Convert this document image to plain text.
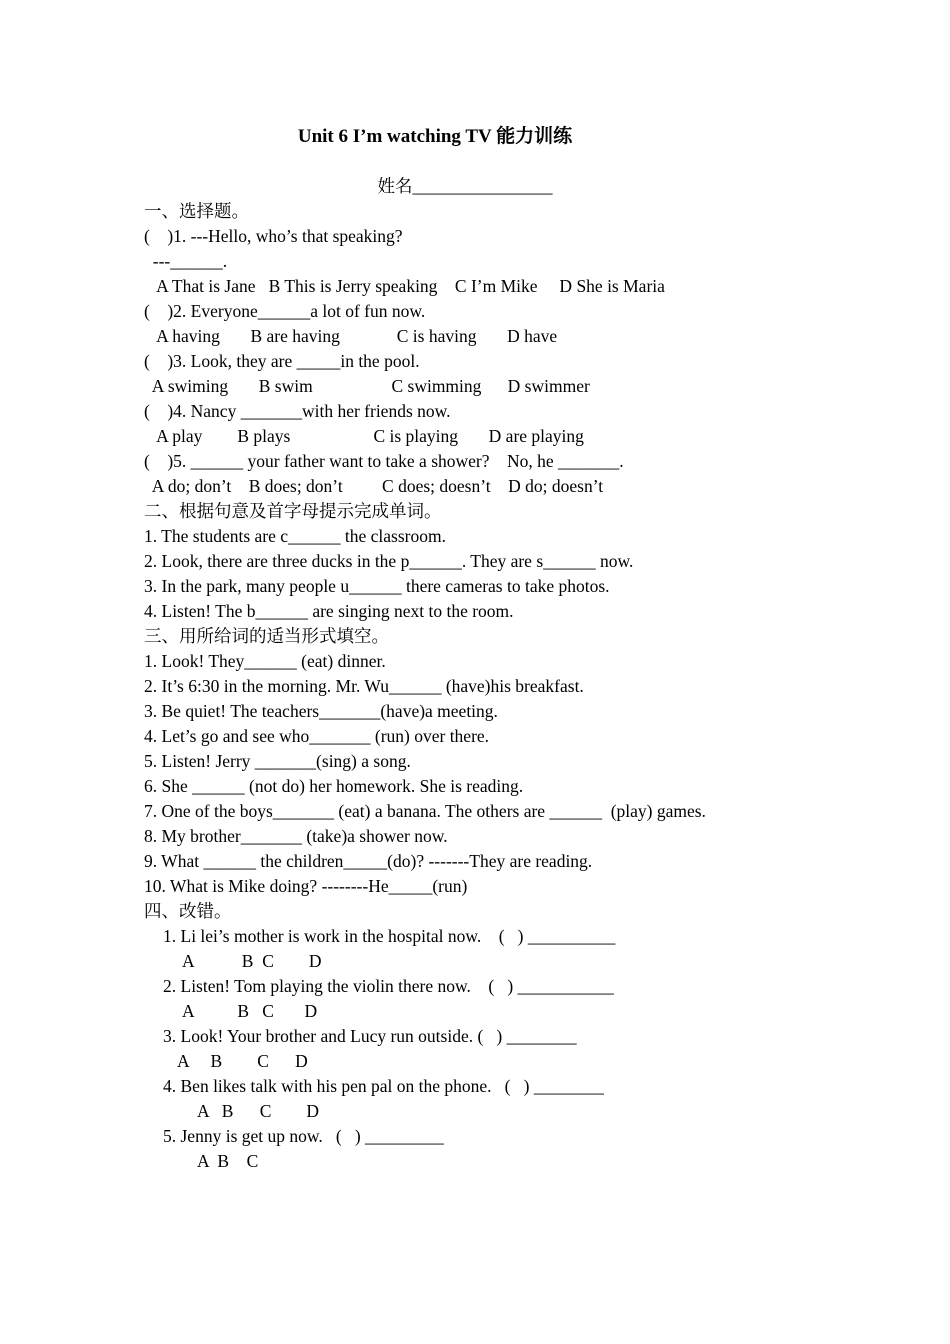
Unit 6 I’m watching TV 能力训练
姓名________________
一、选择题。
(    )1. ---Hello, who’s that speaking?
---______.
A That is Jane   B This is Jerry speaking    C I’m Mike     D She is Maria
(    )2. Everyone______a lot of fun now.
A having       B are having             C is having       D have
(    )3. Look, they are _____in the pool.
A swiming       B swim                  C swimming      D swimmer
(    )4. Nancy _______with her friends now.
A play        B plays                   C is playing       D are playing
(    )5. ______ your father want to take a shower?    No, he _______.
A do; don’t    B does; don’t         C does; doesn’t    D do; doesn’t
二、根据句意及首字母提示完成单词。
1. The students are c______ the classroom.
2. Look, there are three ducks in the p______. They are s______ now.
3. In the park, many people u______ there cameras to take photos.
4. Listen! The b______ are singing next to the room.
三、用所给词的适当形式填空。
1. Look! They______ (eat) dinner.
2. It’s 6:30 in the morning. Mr. Wu______ (have)his breakfast.
3. Be quiet! The teachers_______(have)a meeting.
4. Let’s go and see who_______ (run) over there.
5. Listen! Jerry _______(sing) a song.
6. She ______ (not do) her homework. She is reading.
7. One of the boys_______ (eat) a banana. The others are ______  (play) games.
8. My brother_______ (take)a shower now.
9. What ______ the children_____(do)? -------They are reading.
10. What is Mike doing? --------He_____(run)
四、改错。
1. Li lei’s mother is work in the hospital now.    (   ) __________
A           B  C        D
2. Listen! Tom playing the violin there now.    (   ) ___________
A          B   C       D
3. Look! Your brother and Lucy run outside. (   ) ________
A     B        C      D
4. Ben likes talk with his pen pal on the phone.   (   ) ________
A   B      C        D
5. Jenny is get up now.   (   ) _________
A  B    C
